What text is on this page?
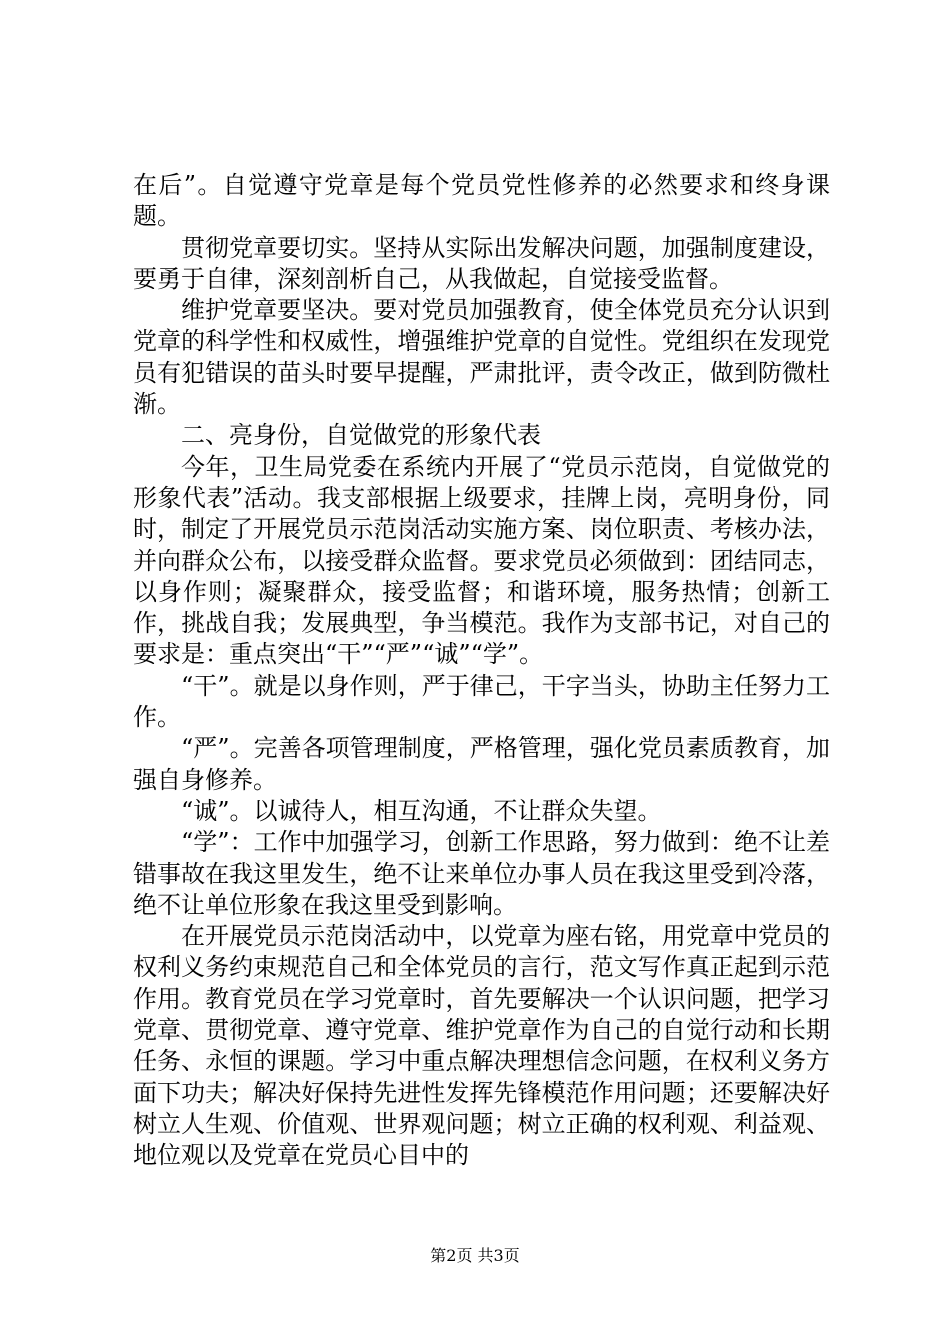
在后”。自觉遵守党章是每个党员党性修养的必然要求和终身课题。

贯彻党章要切实。坚持从实际出发解决问题，加强制度建设，要勇于自律，深刻剖析自己，从我做起，自觉接受监督。

维护党章要坚决。要对党员加强教育，使全体党员充分认识到党章的科学性和权威性，增强维护党章的自觉性。党组织在发现党员有犯错误的苗头时要早提醒，严肃批评，责令改正，做到防微杜渐。

二、亮身份，自觉做党的形象代表

今年，卫生局党委在系统内开展了“党员示范岗，自觉做党的形象代表”活动。我支部根据上级要求，挂牌上岗，亮明身份，同时，制定了开展党员示范岗活动实施方案、岗位职责、考核办法，并向群众公布，以接受群众监督。要求党员必须做到：团结同志，以身作则；凝聚群众，接受监督；和谐环境，服务热情；创新工作，挑战自我；发展典型，争当模范。我作为支部书记，对自己的要求是：重点突出“干”“严”“诚”“学”。

“干”。就是以身作则，严于律己，干字当头，协助主任努力工作。

“严”。完善各项管理制度，严格管理，强化党员素质教育，加强自身修养。

“诚”。以诚待人，相互沟通，不让群众失望。

“学”：工作中加强学习，创新工作思路，努力做到：绝不让差错事故在我这里发生，绝不让来单位办事人员在我这里受到冷落，绝不让单位形象在我这里受到影响。

在开展党员示范岗活动中，以党章为座右铭，用党章中党员的权利义务约束规范自己和全体党员的言行，范文写作真正起到示范作用。教育党员在学习党章时，首先要解决一个认识问题，把学习党章、贯彻党章、遵守党章、维护党章作为自己的自觉行动和长期任务、永恒的课题。学习中重点解决理想信念问题，在权利义务方面下功夫；解决好保持先进性发挥先锋模范作用问题；还要解决好树立人生观、价值观、世界观问题；树立正确的权利观、利益观、地位观以及党章在党员心目中的

第2页 共3页
